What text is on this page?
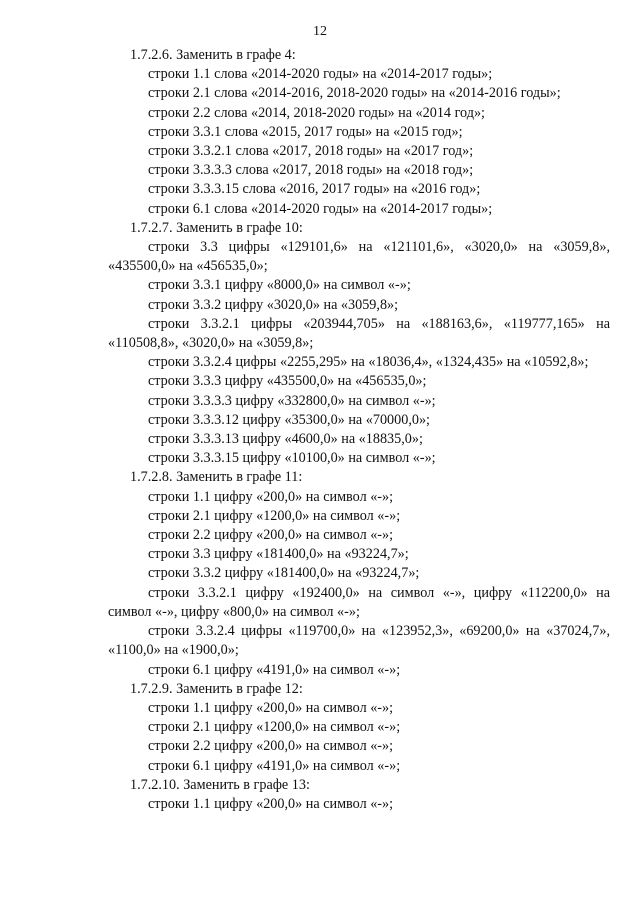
12
1.7.2.6. Заменить в графе 4:
строки 1.1 слова «2014-2020 годы» на «2014-2017 годы»;
строки 2.1 слова «2014-2016, 2018-2020 годы» на «2014-2016 годы»;
строки 2.2 слова «2014, 2018-2020 годы» на «2014 год»;
строки 3.3.1 слова «2015, 2017 годы» на «2015 год»;
строки 3.3.2.1 слова «2017, 2018 годы» на «2017 год»;
строки 3.3.3.3 слова «2017, 2018 годы» на «2018 год»;
строки 3.3.3.15 слова «2016, 2017 годы» на «2016 год»;
строки 6.1 слова «2014-2020 годы» на «2014-2017 годы»;
1.7.2.7. Заменить в графе 10:
строки 3.3 цифры «129101,6» на «121101,6», «3020,0» на «3059,8», «435500,0» на «456535,0»;
строки 3.3.1 цифру «8000,0» на символ «-»;
строки 3.3.2 цифру «3020,0» на «3059,8»;
строки 3.3.2.1 цифры «203944,705» на «188163,6», «119777,165» на «110508,8», «3020,0» на «3059,8»;
строки 3.3.2.4 цифры «2255,295» на «18036,4», «1324,435» на «10592,8»;
строки 3.3.3 цифру «435500,0» на «456535,0»;
строки 3.3.3.3 цифру «332800,0» на символ «-»;
строки 3.3.3.12 цифру «35300,0» на «70000,0»;
строки 3.3.3.13 цифру «4600,0» на «18835,0»;
строки 3.3.3.15 цифру «10100,0» на символ «-»;
1.7.2.8. Заменить в графе 11:
строки 1.1 цифру «200,0» на символ «-»;
строки 2.1 цифру «1200,0» на символ «-»;
строки 2.2 цифру «200,0» на символ «-»;
строки 3.3 цифру «181400,0» на «93224,7»;
строки 3.3.2 цифру «181400,0» на «93224,7»;
строки 3.3.2.1 цифру «192400,0» на символ «-», цифру «112200,0» на символ «-», цифру «800,0» на символ «-»;
строки 3.3.2.4 цифры «119700,0» на «123952,3», «69200,0» на «37024,7», «1100,0» на «1900,0»;
строки 6.1 цифру «4191,0» на символ «-»;
1.7.2.9. Заменить в графе 12:
строки 1.1 цифру «200,0» на символ «-»;
строки 2.1 цифру «1200,0» на символ «-»;
строки 2.2 цифру «200,0» на символ «-»;
строки 6.1 цифру «4191,0» на символ «-»;
1.7.2.10. Заменить в графе 13:
строки 1.1 цифру «200,0» на символ «-»;
